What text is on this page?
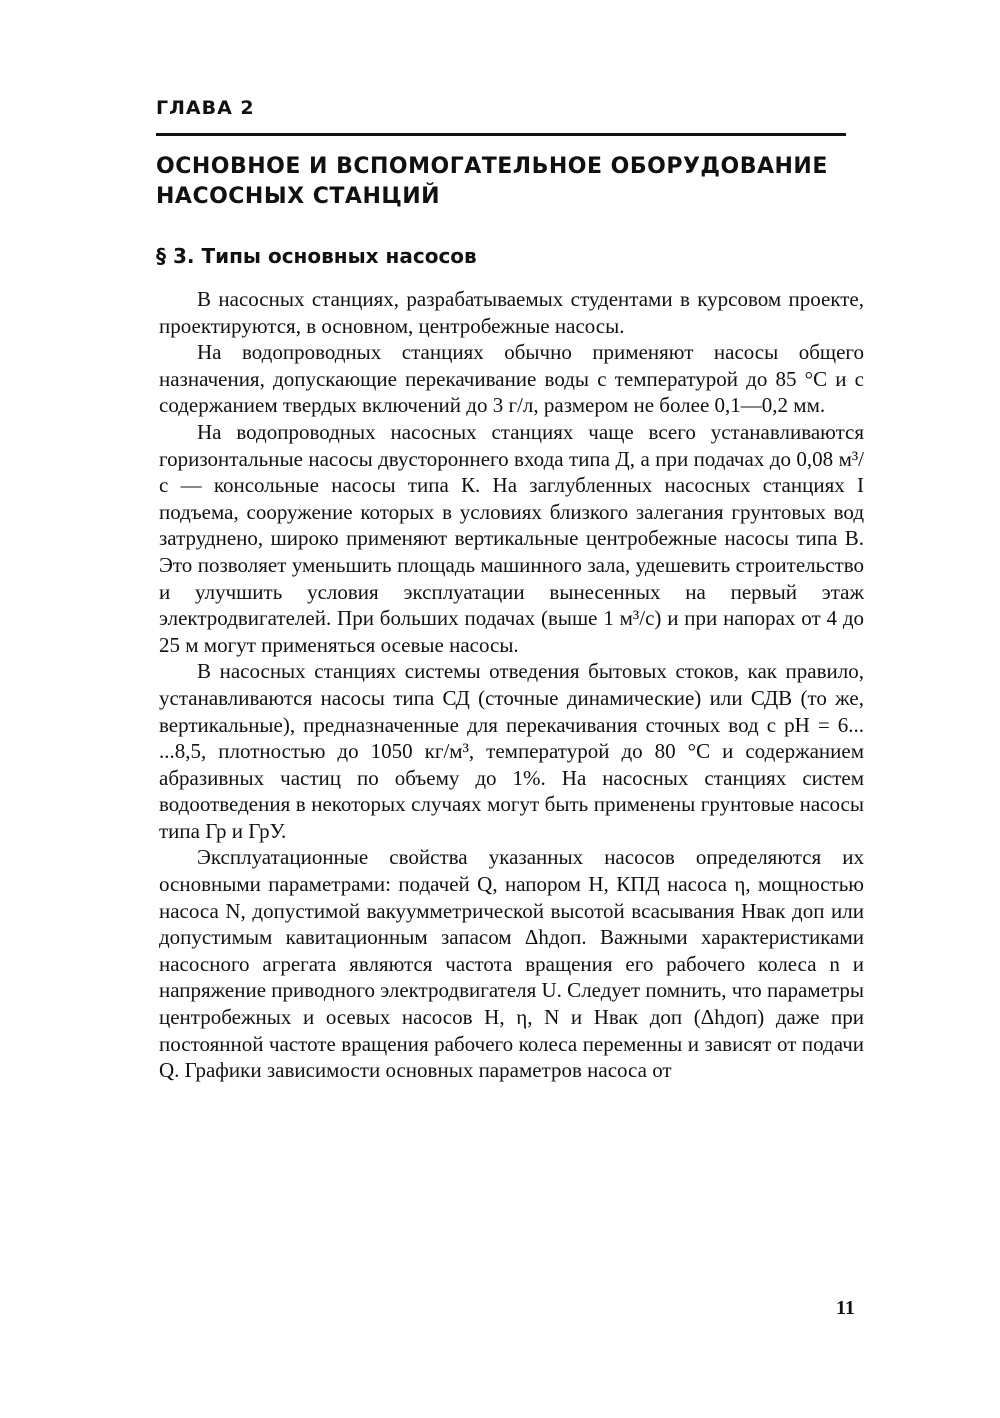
ГЛАВА 2
ОСНОВНОЕ И ВСПОМОГАТЕЛЬНОЕ ОБОРУДОВАНИЕ
НАСОСНЫХ СТАНЦИЙ
§ 3. Типы основных насосов

В насосных станциях, разрабатываемых студентами в курсовом проекте, проектируются, в основном, центробежные насосы.

На водопроводных станциях обычно применяют насосы общего назначения, допускающие перекачивание воды с температурой до 85 °С и с содержанием твердых включений до 3 г/л, размером не более 0,1—0,2 мм.

На водопроводных насосных станциях чаще всего устанавливаются горизонтальные насосы двустороннего входа типа Д, а при подачах до 0,08 м³/с — консольные насосы типа К. На заглубленных насосных станциях I подъема, сооружение которых в условиях близкого залегания грунтовых вод затруднено, широко применяют вертикальные центробежные насосы типа В. Это позволяет уменьшить площадь машинного зала, удешевить строительство и улучшить условия эксплуатации вынесенных на первый этаж электродвигателей. При больших подачах (выше 1 м³/с) и при напорах от 4 до 25 м могут применяться осевые насосы.

В насосных станциях системы отведения бытовых стоков, как правило, устанавливаются насосы типа СД (сточные динамические) или СДВ (то же, вертикальные), предназначенные для перекачивания сточных вод с pH = 6... ...8,5, плотностью до 1050 кг/м³, температурой до 80 °С и содержанием абразивных частиц по объему до 1%. На насосных станциях систем водоотведения в некоторых случаях могут быть применены грунтовые насосы типа Гр и ГрУ.

Эксплуатационные свойства указанных насосов определяются их основными параметрами: подачей Q, напором H, КПД насоса η, мощностью насоса N, допустимой вакуумметрической высотой всасывания Hвак доп или допустимым кавитационным запасом Δhдоп. Важными характеристиками насосного агрегата являются частота вращения его рабочего колеса n и напряжение приводного электродвигателя U. Следует помнить, что параметры центробежных и осевых насосов H, η, N и Hвак доп (Δhдоп) даже при постоянной частоте вращения рабочего колеса переменны и зависят от подачи Q. Графики зависимости основных параметров насоса от

11
